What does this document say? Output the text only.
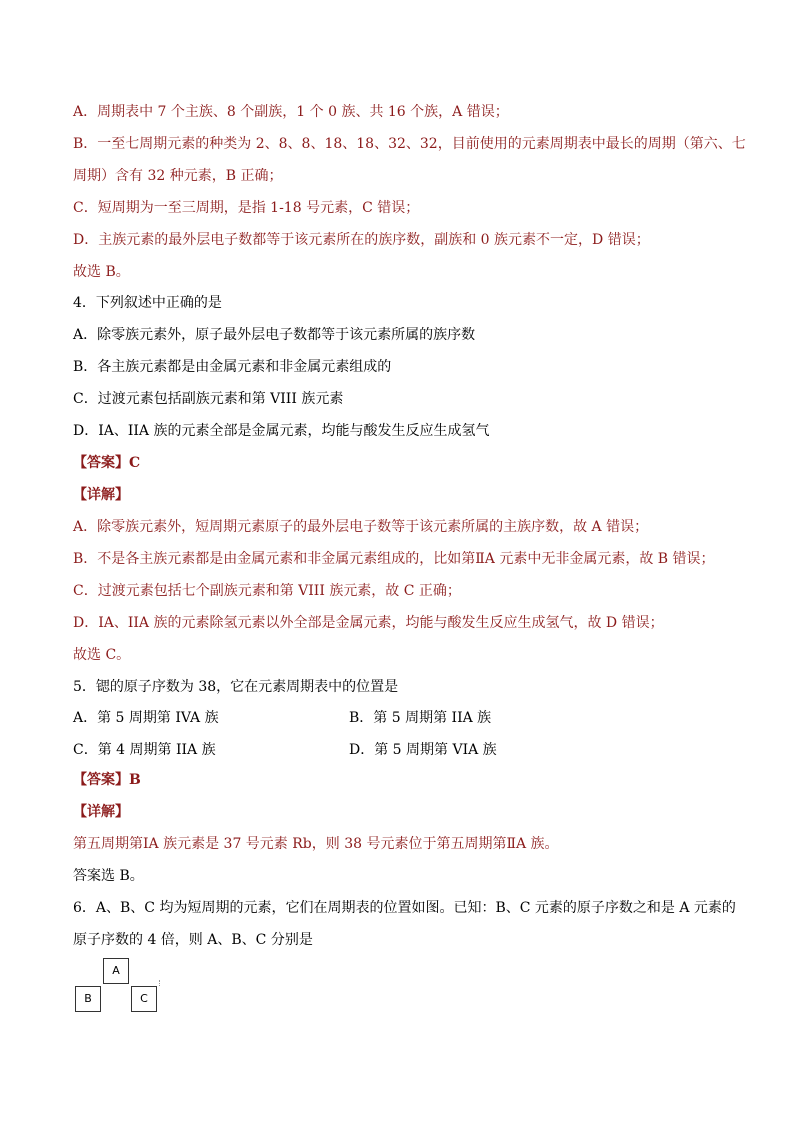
A．周期表中 7 个主族、8 个副族，1 个 0 族、共 16 个族，A 错误；
B．一至七周期元素的种类为 2、8、8、18、18、32、32，目前使用的元素周期表中最长的周期（第六、七
周期）含有 32 种元素，B 正确；
C．短周期为一至三周期，是指 1-18 号元素，C 错误；
D．主族元素的最外层电子数都等于该元素所在的族序数，副族和 0 族元素不一定，D 错误；
故选 B。
4．下列叙述中正确的是
A．除零族元素外，原子最外层电子数都等于该元素所属的族序数
B．各主族元素都是由金属元素和非金属元素组成的
C．过渡元素包括副族元素和第 VIII 族元素
D．ⅠA、IIA 族的元素全部是金属元素，均能与酸发生反应生成氢气
【答案】C
【详解】
A．除零族元素外，短周期元素原子的最外层电子数等于该元素所属的主族序数，故 A 错误；
B．不是各主族元素都是由金属元素和非金属元素组成的，比如第ⅡA 元素中无非金属元素，故 B 错误；
C．过渡元素包括七个副族元素和第 VIII 族元素，故 C 正确；
D．ⅠA、IIA 族的元素除氢元素以外全部是金属元素，均能与酸发生反应生成氢气，故 D 错误；
故选 C。
5．锶的原子序数为 38，它在元素周期表中的位置是
A．第 5 周期第 IVA 族	B．第 5 周期第 IIA 族
C．第 4 周期第 IIA 族	D．第 5 周期第 VIA 族
【答案】B
【详解】
第五周期第ⅠA 族元素是 37 号元素 Rb，则 38 号元素位于第五周期第ⅡA 族。
答案选 B。
6．A、B、C 均为短周期的元素，它们在周期表的位置如图。已知：B、C 元素的原子序数之和是 A 元素的
原子序数的 4 倍，则 A、B、C 分别是
A
B	C
